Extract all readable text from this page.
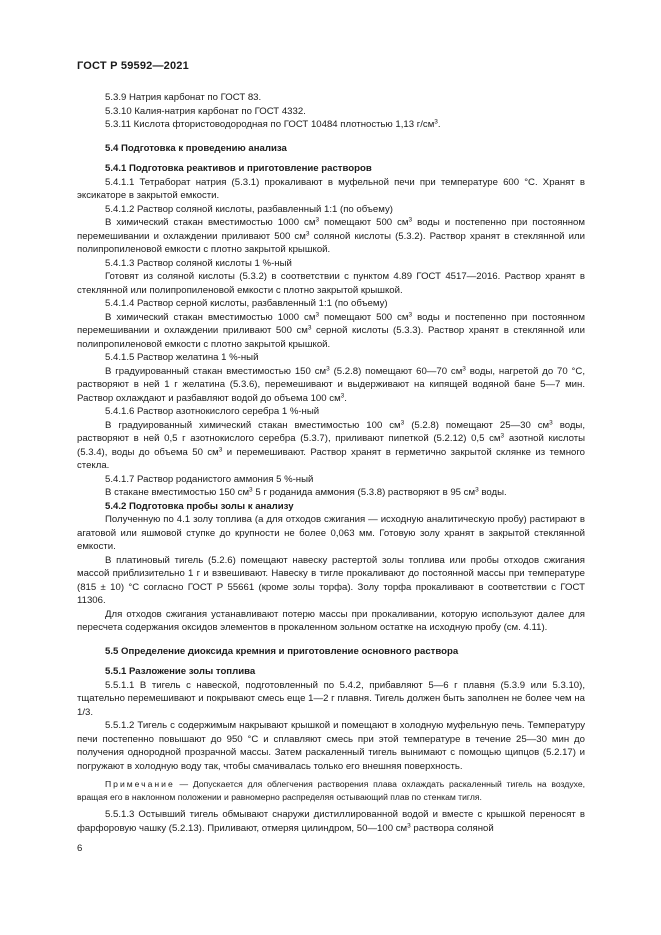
ГОСТ Р 59592—2021

5.3.9 Натрия карбонат по ГОСТ 83.

5.3.10 Калия-натрия карбонат по ГОСТ 4332.

5.3.11 Кислота фтористоводородная по ГОСТ 10484 плотностью 1,13 $г/см^3$.

5.4 Подготовка к проведению анализа

5.4.1 Подготовка реактивов и приготовление растворов

5.4.1.1 Тетраборат натрия (5.3.1) прокаливают в муфельной печи при температуре 600 °С. Хранят в эксикаторе в закрытой емкости.

5.4.1.2 Раствор соляной кислоты, разбавленный 1:1 (по объему)

В химический стакан вместимостью 1000 $см^3$ помещают 500 $см^3$ воды и постепенно при постоянном перемешивании и охлаждении приливают 500 $см^3$ соляной кислоты (5.3.2). Раствор хранят в стеклянной или полипропиленовой емкости с плотно закрытой крышкой.

5.4.1.3 Раствор соляной кислоты 1 %-ный

Готовят из соляной кислоты (5.3.2) в соответствии с пунктом 4.89 ГОСТ 4517—2016. Раствор хранят в стеклянной или полипропиленовой емкости с плотно закрытой крышкой.

5.4.1.4 Раствор серной кислоты, разбавленный 1:1 (по объему)

В химический стакан вместимостью 1000 $см^3$ помещают 500 $см^3$ воды и постепенно при постоянном перемешивании и охлаждении приливают 500 $см^3$ серной кислоты (5.3.3). Раствор хранят в стеклянной или полипропиленовой емкости с плотно закрытой крышкой.

5.4.1.5 Раствор желатина 1 %-ный

В градуированный стакан вместимостью 150 $см^3$ (5.2.8) помещают 60—70 $см^3$ воды, нагретой до 70 °С, растворяют в ней 1 г желатина (5.3.6), перемешивают и выдерживают на кипящей водяной бане 5—7 мин. Раствор охлаждают и разбавляют водой до объема 100 $см^3$.

5.4.1.6 Раствор азотнокислого серебра 1 %-ный

В градуированный химический стакан вместимостью 100 $см^3$ (5.2.8) помещают 25—30 $см^3$ воды, растворяют в ней 0,5 г азотнокислого серебра (5.3.7), приливают пипеткой (5.2.12) 0,5 $см^3$ азотной кислоты (5.3.4), воды до объема 50 $см^3$ и перемешивают. Раствор хранят в герметично закрытой склянке из темного стекла.

5.4.1.7 Раствор роданистого аммония 5 %-ный

В стакане вместимостью 150 $см^3$ 5 г роданида аммония (5.3.8) растворяют в 95 $см^3$ воды.

5.4.2 Подготовка пробы золы к анализу

Полученную по 4.1 золу топлива (а для отходов сжигания — исходную аналитическую пробу) растирают в агатовой или яшмовой ступке до крупности не более 0,063 мм. Готовую золу хранят в закрытой стеклянной емкости.

В платиновый тигель (5.2.6) помещают навеску растертой золы топлива или пробы отходов сжигания массой приблизительно 1 г и взвешивают. Навеску в тигле прокаливают до постоянной массы при температуре (815 ± 10) °С согласно ГОСТ Р 55661 (кроме золы торфа). Золу торфа прокаливают в соответствии с ГОСТ 11306.

Для отходов сжигания устанавливают потерю массы при прокаливании, которую используют далее для пересчета содержания оксидов элементов в прокаленном зольном остатке на исходную пробу (см. 4.11).

5.5 Определение диоксида кремния и приготовление основного раствора

5.5.1 Разложение золы топлива

5.5.1.1 В тигель с навеской, подготовленный по 5.4.2, прибавляют 5—6 г плавня (5.3.9 или 5.3.10), тщательно перемешивают и покрывают смесь еще 1—2 г плавня. Тигель должен быть заполнен не более чем на 1/3.

5.5.1.2 Тигель с содержимым накрывают крышкой и помещают в холодную муфельную печь. Температуру печи постепенно повышают до 950 °С и сплавляют смесь при этой температуре в течение 25—30 мин до получения однородной прозрачной массы. Затем раскаленный тигель вынимают с помощью щипцов (5.2.17) и погружают в холодную воду так, чтобы смачивалась только его внешняя поверхность.

Примечание — Допускается для облегчения растворения плава охлаждать раскаленный тигель на воздухе, вращая его в наклонном положении и равномерно распределяя остывающий плав по стенкам тигля.

5.5.1.3 Остывший тигель обмывают снаружи дистиллированной водой и вместе с крышкой переносят в фарфоровую чашку (5.2.13). Приливают, отмеряя цилиндром, 50—100 $см^3$ раствора соляной

6
